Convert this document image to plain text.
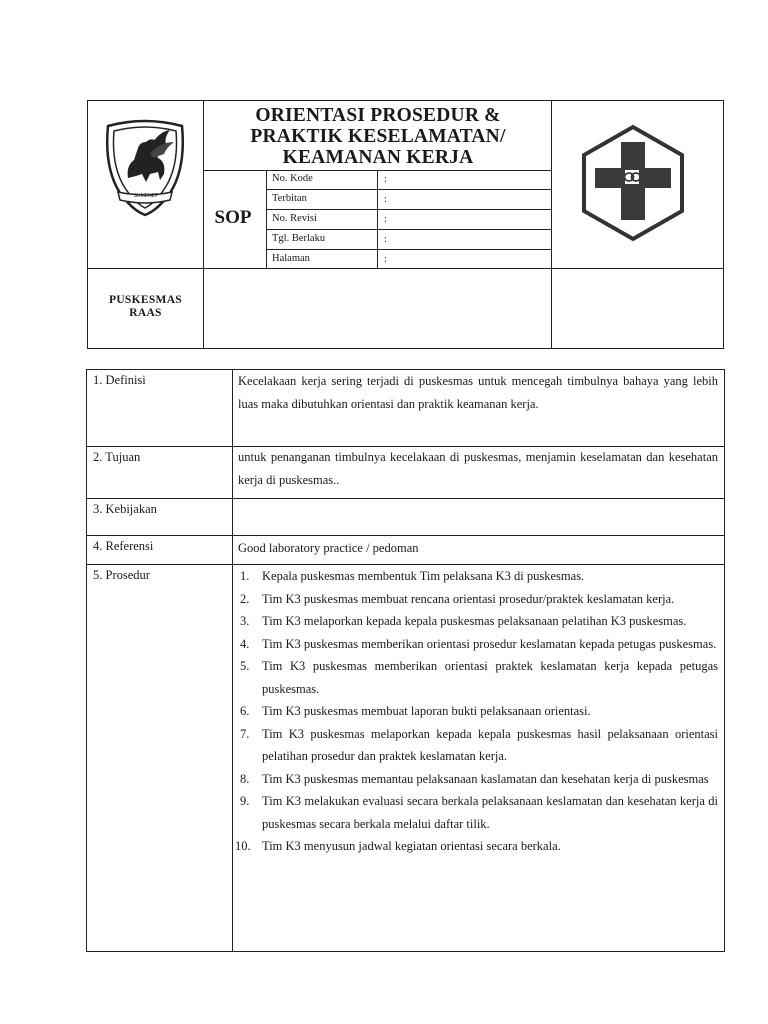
SUMENEP
ORIENTASI PROSEDUR &
PRAKTIK KESELAMATAN/
KEAMANAN KERJA
SOP
No. Kode	:
Terbitan	:
No. Revisi	:
Tgl. Berlaku	:
Halaman	:
PUSKESMAS
RAAS
1. Definisi	Kecelakaan kerja sering terjadi di puskesmas untuk mencegah timbulnya bahaya yang lebih luas maka dibutuhkan orientasi dan praktik keamanan kerja.
2. Tujuan	untuk penanganan timbulnya kecelakaan di puskesmas, menjamin keselamatan dan kesehatan kerja di puskesmas..
3. Kebijakan
4. Referensi	Good laboratory practice / pedoman
5. Prosedur	1. Kepala puskesmas membentuk Tim pelaksana K3 di puskesmas.
2. Tim K3 puskesmas membuat rencana orientasi prosedur/praktek keslamatan kerja.
3. Tim K3 melaporkan kepada kepala puskesmas pelaksanaan pelatihan K3 puskesmas.
4. Tim K3 puskesmas memberikan orientasi prosedur keslamatan kepada petugas puskesmas.
5. Tim K3 puskesmas memberikan orientasi praktek keslamatan kerja kepada petugas puskesmas.
6. Tim K3 puskesmas membuat laporan bukti pelaksanaan orientasi.
7. Tim K3 puskesmas melaporkan kepada kepala puskesmas hasil pelaksanaan orientasi pelatihan prosedur dan praktek keslamatan kerja.
8. Tim K3 puskesmas memantau pelaksanaan kaslamatan dan kesehatan kerja di puskesmas
9. Tim K3 melakukan evaluasi secara berkala pelaksanaan keslamatan dan kesehatan kerja di puskesmas secara berkala melalui daftar tilik.
10. Tim K3 menyusun jadwal kegiatan orientasi secara berkala.
